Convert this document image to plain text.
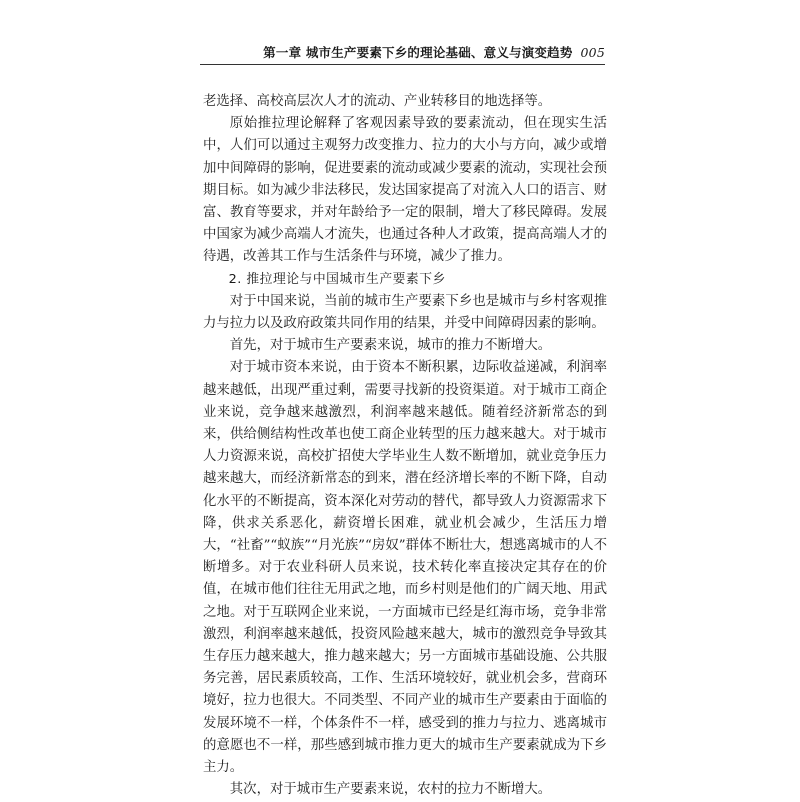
第一章 城市生产要素下乡的理论基础、意义与演变趋势 005

老选择、高校高层次人才的流动、产业转移目的地选择等。

原始推拉理论解释了客观因素导致的要素流动，但在现实生活中，人们可以通过主观努力改变推力、拉力的大小与方向，减少或增加中间障碍的影响，促进要素的流动或减少要素的流动，实现社会预期目标。如为减少非法移民，发达国家提高了对流入人口的语言、财富、教育等要求，并对年龄给予一定的限制，增大了移民障碍。发展中国家为减少高端人才流失，也通过各种人才政策，提高高端人才的待遇，改善其工作与生活条件与环境，减少了推力。

2. 推拉理论与中国城市生产要素下乡

对于中国来说，当前的城市生产要素下乡也是城市与乡村客观推力与拉力以及政府政策共同作用的结果，并受中间障碍因素的影响。

首先，对于城市生产要素来说，城市的推力不断增大。

对于城市资本来说，由于资本不断积累，边际收益递减，利润率越来越低，出现严重过剩，需要寻找新的投资渠道。对于城市工商企业来说，竞争越来越激烈，利润率越来越低。随着经济新常态的到来，供给侧结构性改革也使工商企业转型的压力越来越大。对于城市人力资源来说，高校扩招使大学毕业生人数不断增加，就业竞争压力越来越大，而经济新常态的到来，潜在经济增长率的不断下降，自动化水平的不断提高，资本深化对劳动的替代，都导致人力资源需求下降，供求关系恶化，薪资增长困难，就业机会减少，生活压力增大，“社畜”“蚁族”“月光族”“房奴”群体不断壮大，想逃离城市的人不断增多。对于农业科研人员来说，技术转化率直接决定其存在的价值，在城市他们往往无用武之地，而乡村则是他们的广阔天地、用武之地。对于互联网企业来说，一方面城市已经是红海市场，竞争非常激烈，利润率越来越低，投资风险越来越大，城市的激烈竞争导致其生存压力越来越大，推力越来越大；另一方面城市基础设施、公共服务完善，居民素质较高，工作、生活环境较好，就业机会多，营商环境好，拉力也很大。不同类型、不同产业的城市生产要素由于面临的发展环境不一样，个体条件不一样，感受到的推力与拉力、逃离城市的意愿也不一样，那些感到城市推力更大的城市生产要素就成为下乡主力。

其次，对于城市生产要素来说，农村的拉力不断增大。
